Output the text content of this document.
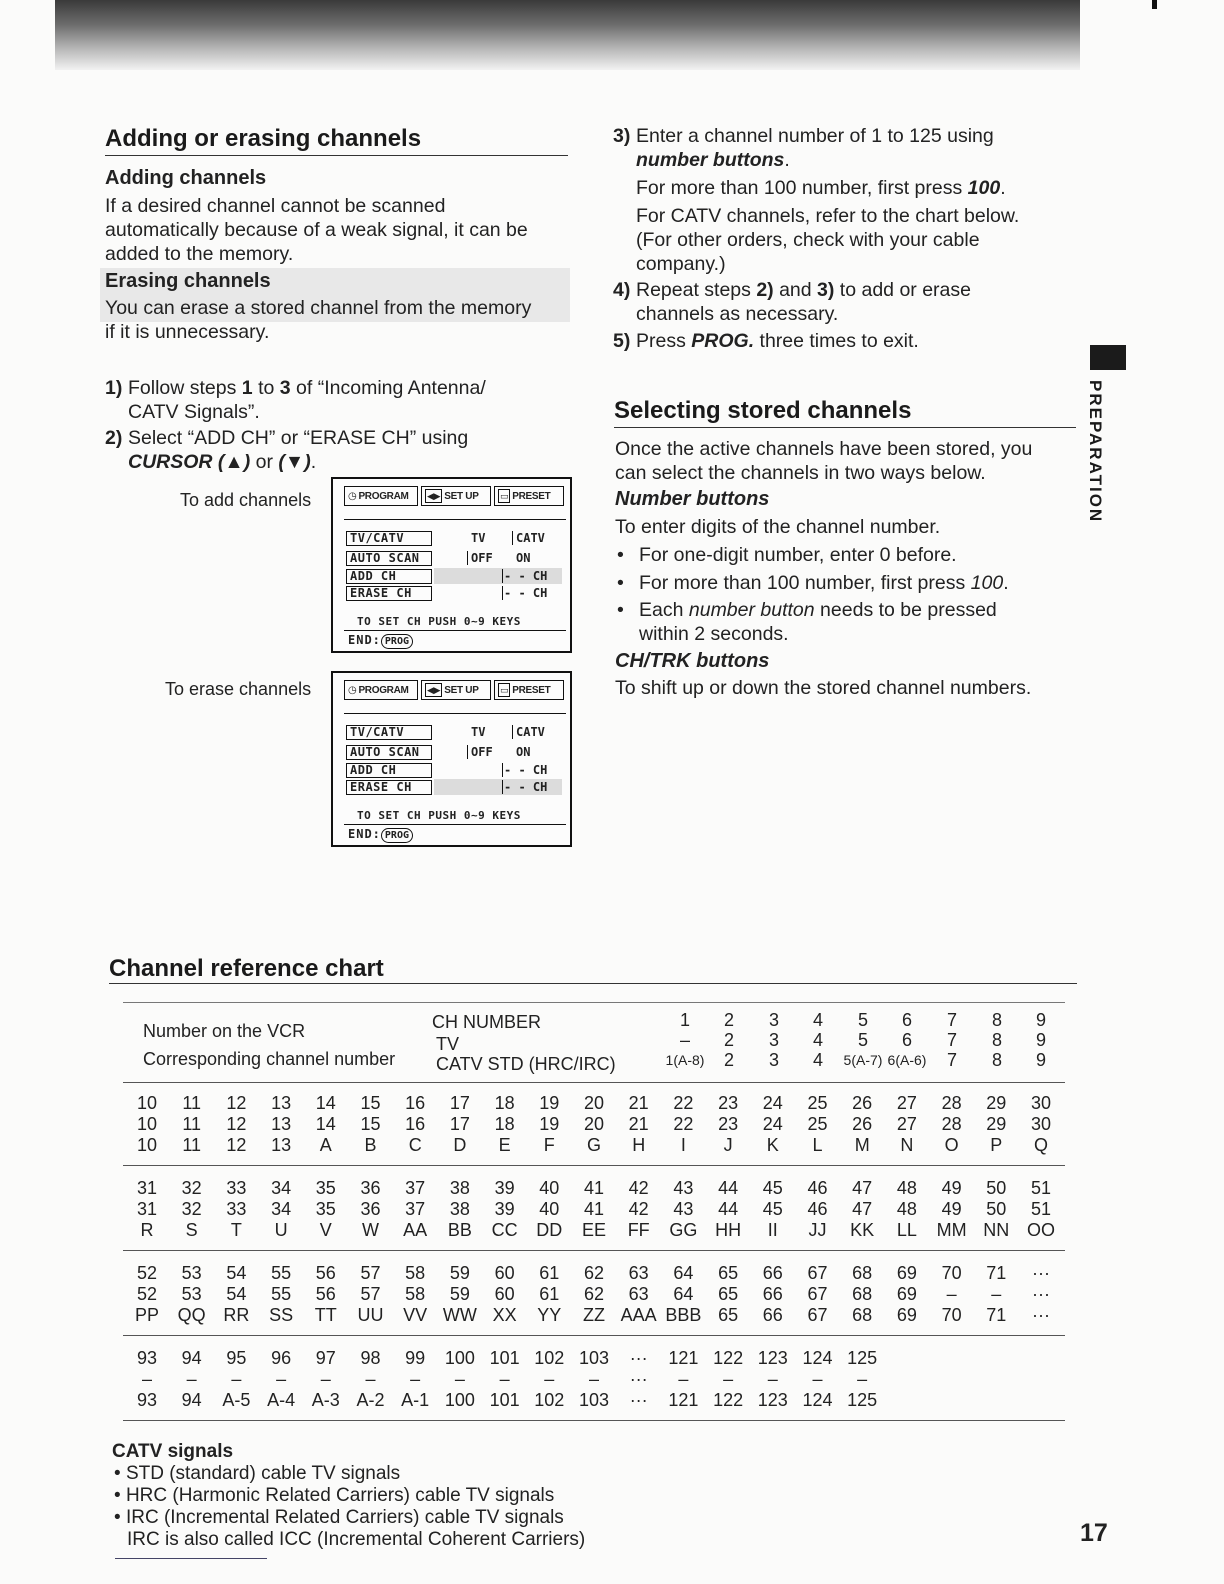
Adding or erasing channels
Adding channels
If a desired channel cannot be scanned
automatically because of a weak signal, it can be
added to the memory.
Erasing channels
You can erase a stored channel from the memory
if it is unnecessary.
1) Follow steps 1 to 3 of “Incoming Antenna/
CATV Signals”.
2) Select “ADD CH” or “ERASE CH” using
CURSOR (▲) or (▼).
To add channels
To erase channels
◷ PROGRAM ◀▶ SET UP ▭ PRESET
TV/CATV	TV	CATV
AUTO SCAN	OFF ON
ADD CH	- - CH
ERASE CH	- - CH
TO SET CH PUSH 0~9 KEYS
END: PROG
◷ PROGRAM ◀▶ SET UP ▭ PRESET
TV/CATV	TV	CATV
AUTO SCAN	OFF ON
ADD CH	- - CH
ERASE CH	- - CH
TO SET CH PUSH 0~9 KEYS
END: PROG
3) Enter a channel number of 1 to 125 using
number buttons.
For more than 100 number, first press 100.
For CATV channels, refer to the chart below.
(For other orders, check with your cable
company.)
4) Repeat steps 2) and 3) to add or erase
channels as necessary.
5) Press PROG. three times to exit.
Selecting stored channels
Once the active channels have been stored, you
can select the channels in two ways below.
Number buttons
To enter digits of the channel number.
• For one-digit number, enter 0 before.
• For more than 100 number, first press 100.
• Each number button needs to be pressed
within 2 seconds.
CH/TRK buttons
To shift up or down the stored channel numbers.
PREPARATION
Channel reference chart
Number on the VCR
Corresponding channel number
CH NUMBER
TV
CATV STD (HRC/IRC)
1	2	3	4	5	6	7	8	9
–	2	3	4	5	6	7	8	9
1(A-8)	2	3	4	5(A-7) 6(A-6)	7	8	9
10	11	12	13	14	15	16	17	18	19	20	21	22	23	24	25	26	27	28	29	30
10	11	12	13	14	15	16	17	18	19	20	21	22	23	24	25	26	27	28	29	30
10	11	12	13	A	B	C	D	E	F	G	H	I	J	K	L	M	N	O	P	Q
31	32	33	34	35	36	37	38	39	40	41	42	43	44	45	46	47	48	49	50	51
31	32	33	34	35	36	37	38	39	40	41	42	43	44	45	46	47	48	49	50	51
R	S	T	U	V	W	AA	BB	CC	DD	EE	FF	GG HH	II	JJ	KK	LL	MM NN OO
52	53	54	55	56	57	58	59	60	61	62	63	64	65	66	67	68	69	70	71	···
52	53	54	55	56	57	58	59	60	61	62	63	64	65	66	67	68	69	–	–	···
PP	QQ RR	SS	TT	UU	VV WW XX	YY	ZZ AAA BBB 65	66	67	68	69	70	71	···
93	94	95	96	97	98	99	100 101 102 103	···	121 122 123 124 125
–	–	–	–	–	–	–	–	–	–	–	···	–	–	–	–	–
93	94	A-5 A-4 A-3 A-2 A-1 100 101 102 103	···	121 122 123 124 125
CATV signals
• STD (standard) cable TV signals
• HRC (Harmonic Related Carriers) cable TV signals
• IRC (Incremental Related Carriers) cable TV signals
IRC is also called ICC (Incremental Coherent Carriers)	17
